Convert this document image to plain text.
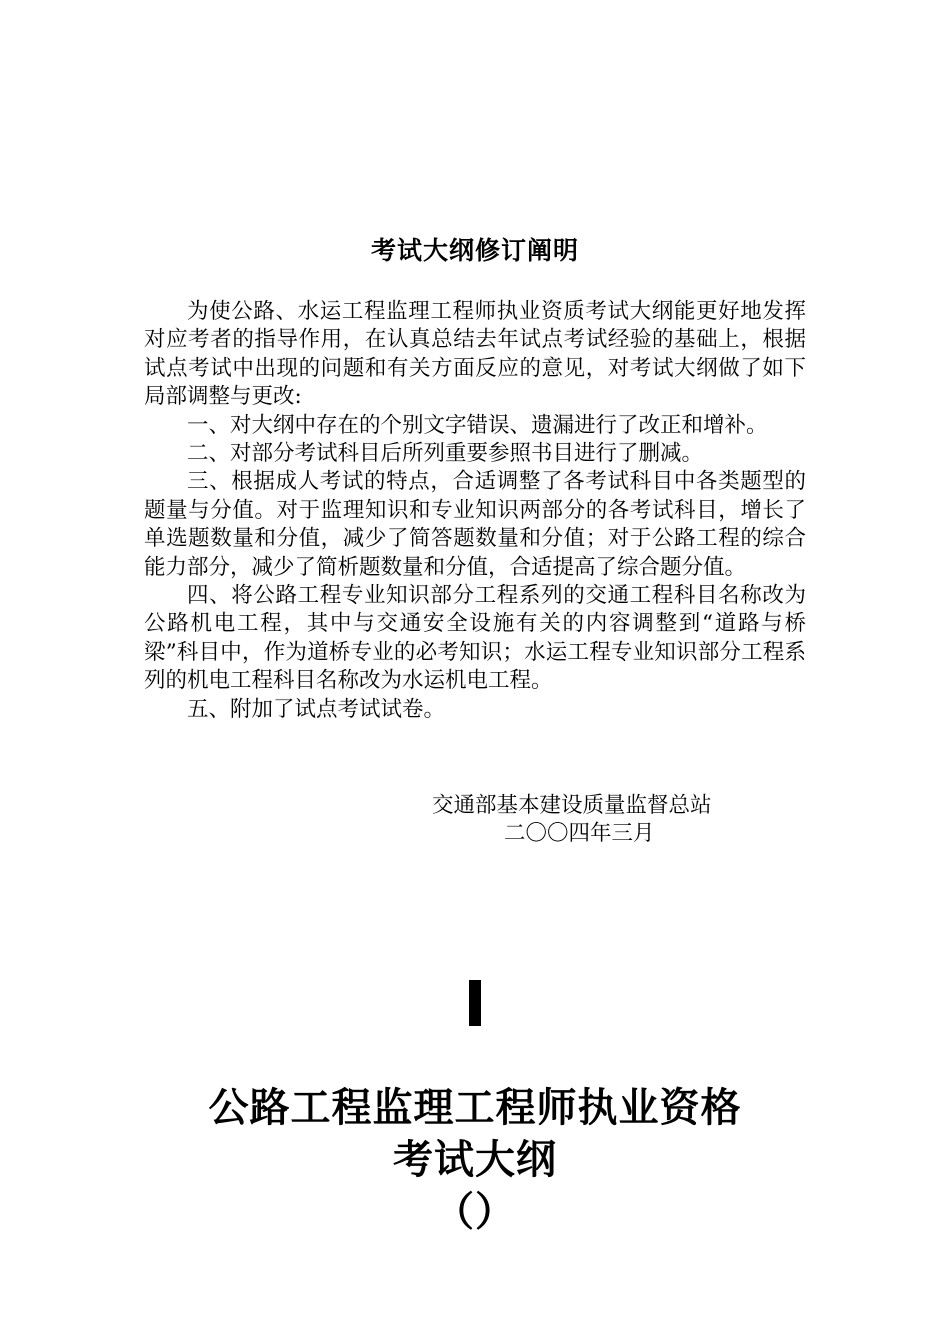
考试大纲修订阐明

为使公路、水运工程监理工程师执业资质考试大纲能更好地发挥对应考者的指导作用，在认真总结去年试点考试经验的基础上，根据试点考试中出现的问题和有关方面反应的意见，对考试大纲做了如下局部调整与更改:

一、对大纲中存在的个别文字错误、遗漏进行了改正和增补。

二、对部分考试科目后所列重要参照书目进行了删减。

三、根据成人考试的特点，合适调整了各考试科目中各类题型的题量与分值。对于监理知识和专业知识两部分的各考试科目，增长了单选题数量和分值，减少了简答题数量和分值；对于公路工程的综合能力部分，减少了简析题数量和分值，合适提高了综合题分值。

四、将公路工程专业知识部分工程系列的交通工程科目名称改为公路机电工程，其中与交通安全设施有关的内容调整到“道路与桥梁”科目中，作为道桥专业的必考知识；水运工程专业知识部分工程系列的机电工程科目名称改为水运机电工程。

五、附加了试点考试试卷。

交通部基本建设质量监督总站
二〇〇四年三月
公路工程监理工程师执业资格
考试大纲
（）
